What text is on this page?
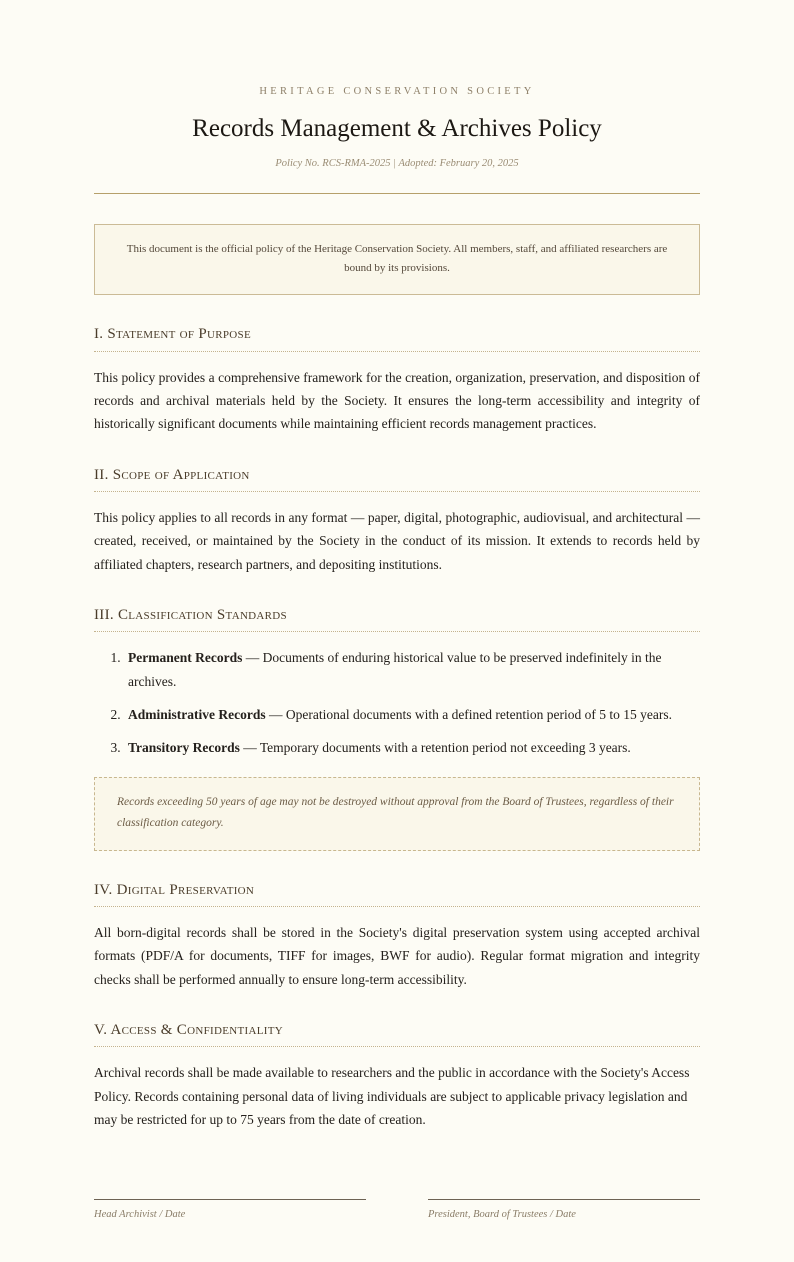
HERITAGE CONSERVATION SOCIETY
Records Management & Archives Policy
Policy No. RCS-RMA-2025 | Adopted: February 20, 2025

This document is the official policy of the Heritage Conservation Society. All members, staff, and affiliated researchers are bound by its provisions.

I. Statement of Purpose

This policy provides a comprehensive framework for the creation, organization, preservation, and disposition of records and archival materials held by the Society. It ensures the long-term accessibility and integrity of historically significant documents while maintaining efficient records management practices.

II. Scope of Application

This policy applies to all records in any format — paper, digital, photographic, audiovisual, and architectural — created, received, or maintained by the Society in the conduct of its mission. It extends to records held by affiliated chapters, research partners, and depositing institutions.

III. Classification Standards
1. Permanent Records — Documents of enduring historical value to be preserved indefinitely in the archives.
2. Administrative Records — Operational documents with a defined retention period of 5 to 15 years.
3. Transitory Records — Temporary documents with a retention period not exceeding 3 years.

Records exceeding 50 years of age may not be destroyed without approval from the Board of Trustees, regardless of their classification category.

IV. Digital Preservation

All born-digital records shall be stored in the Society's digital preservation system using accepted archival formats (PDF/A for documents, TIFF for images, BWF for audio). Regular format migration and integrity checks shall be performed annually to ensure long-term accessibility.

V. Access & Confidentiality

Archival records shall be made available to researchers and the public in accordance with the Society's Access Policy. Records containing personal data of living individuals are subject to applicable privacy legislation and may be restricted for up to 75 years from the date of creation.

Head Archivist / Date	President, Board of Trustees / Date
